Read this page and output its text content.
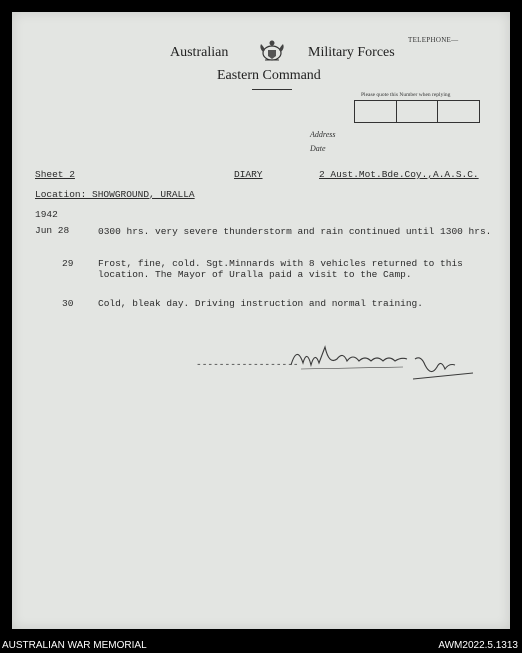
TELEPHONE—
Australian	Military Forces
Eastern Command
Please quote this Number when replying
Address
Date
Sheet 2	DIARY	2 Aust.Mot.Bde.Coy.,A.A.S.C.
Location: SHOWGROUND, URALLA
1942
Jun 28	0300 hrs. very severe thunderstorm and rain continued until 1300 hrs.
29	Frost, fine, cold. Sgt.Minnards with 8 vehicles returned to this location. The Mayor of Uralla paid a visit to the Camp.
30	Cold, bleak day. Driving instruction and normal training.
------------------
AUSTRALIAN WAR MEMORIAL	AWM2022.5.1313
